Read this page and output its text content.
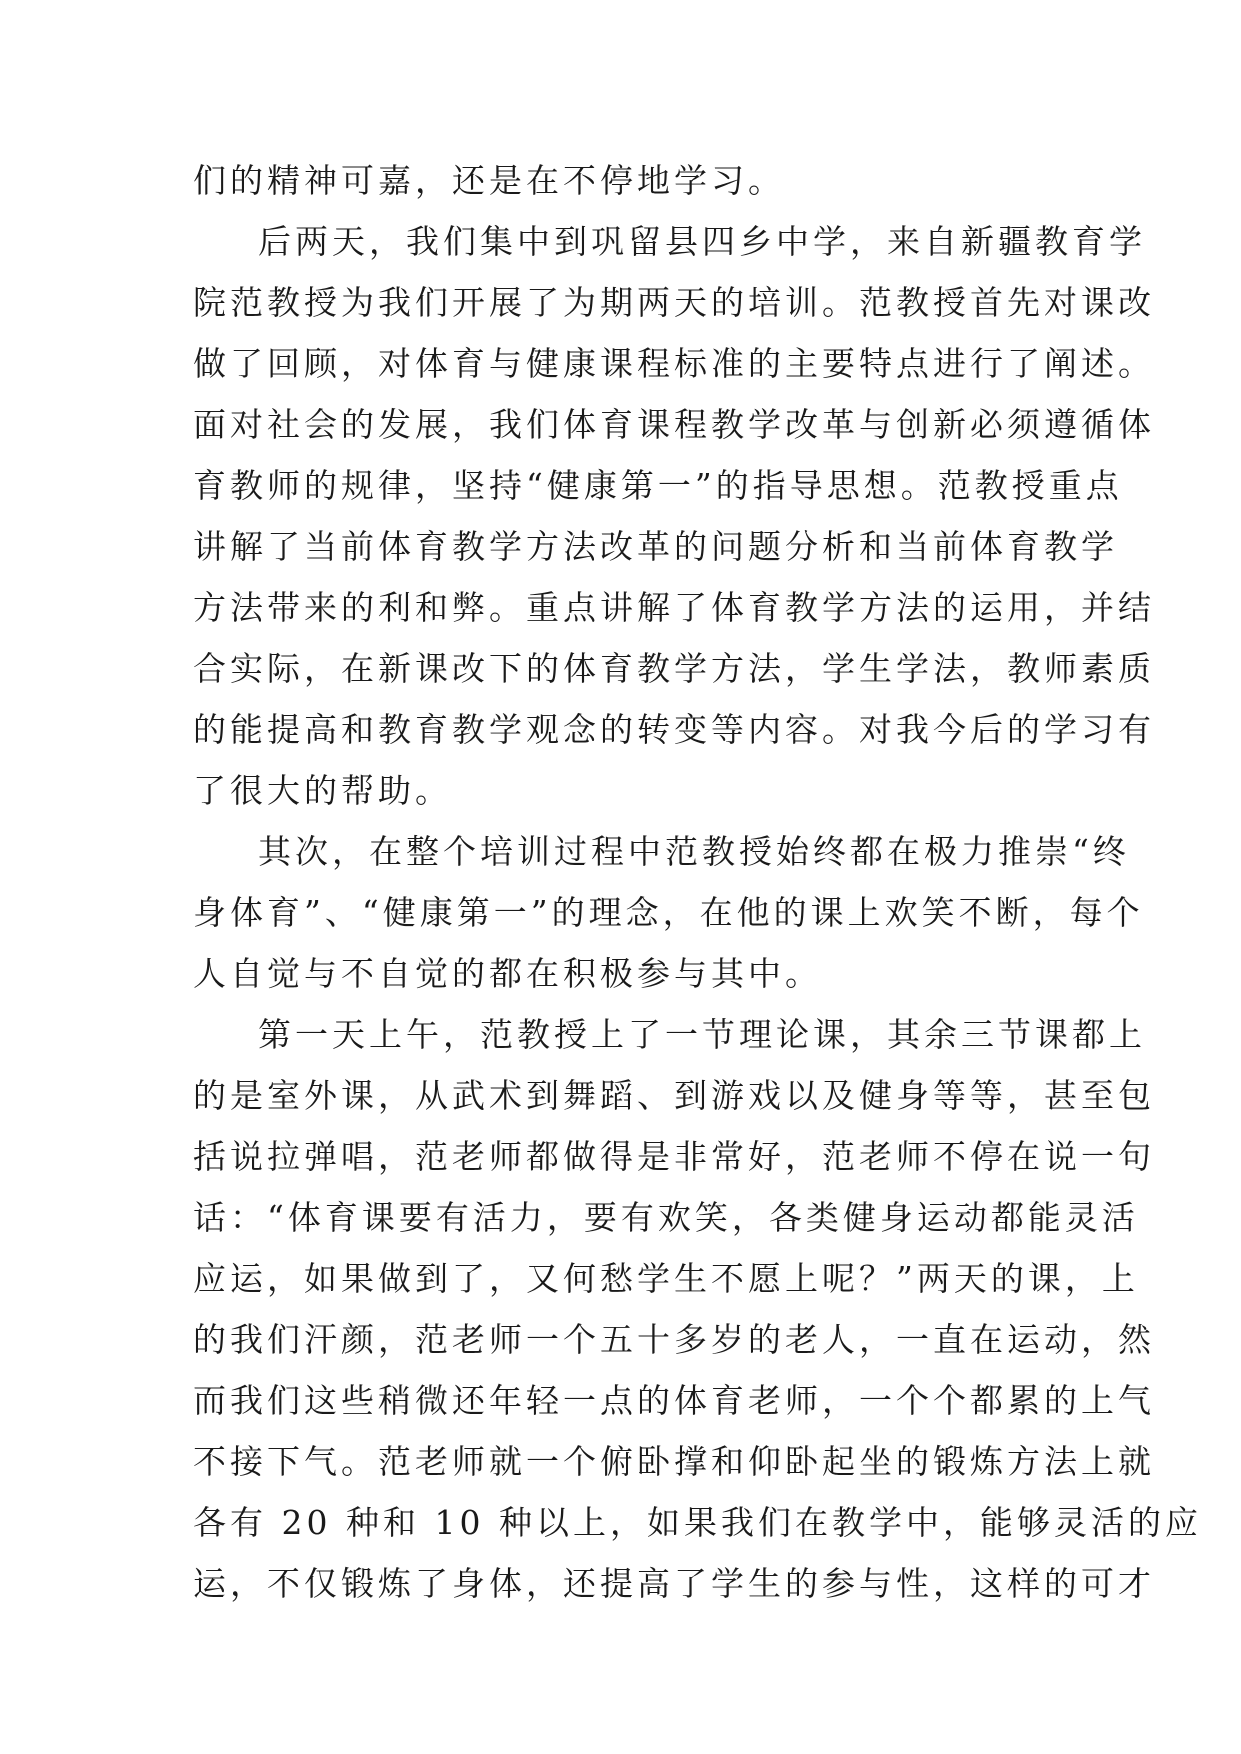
们的精神可嘉，还是在不停地学习。
后两天，我们集中到巩留县四乡中学，来自新疆教育学
院范教授为我们开展了为期两天的培训。范教授首先对课改
做了回顾，对体育与健康课程标准的主要特点进行了阐述。
面对社会的发展，我们体育课程教学改革与创新必须遵循体
育教师的规律，坚持“健康第一”的指导思想。范教授重点
讲解了当前体育教学方法改革的问题分析和当前体育教学
方法带来的利和弊。重点讲解了体育教学方法的运用，并结
合实际，在新课改下的体育教学方法，学生学法，教师素质
的能提高和教育教学观念的转变等内容。对我今后的学习有
了很大的帮助。
其次，在整个培训过程中范教授始终都在极力推崇“终
身体育”、“健康第一”的理念，在他的课上欢笑不断，每个
人自觉与不自觉的都在积极参与其中。
第一天上午，范教授上了一节理论课，其余三节课都上
的是室外课，从武术到舞蹈、到游戏以及健身等等，甚至包
括说拉弹唱，范老师都做得是非常好，范老师不停在说一句
话：“体育课要有活力，要有欢笑，各类健身运动都能灵活
应运，如果做到了，又何愁学生不愿上呢？”两天的课，上
的我们汗颜，范老师一个五十多岁的老人，一直在运动，然
而我们这些稍微还年轻一点的体育老师，一个个都累的上气
不接下气。范老师就一个俯卧撑和仰卧起坐的锻炼方法上就
各有 20 种和 10 种以上，如果我们在教学中，能够灵活的应
运，不仅锻炼了身体，还提高了学生的参与性，这样的可才
